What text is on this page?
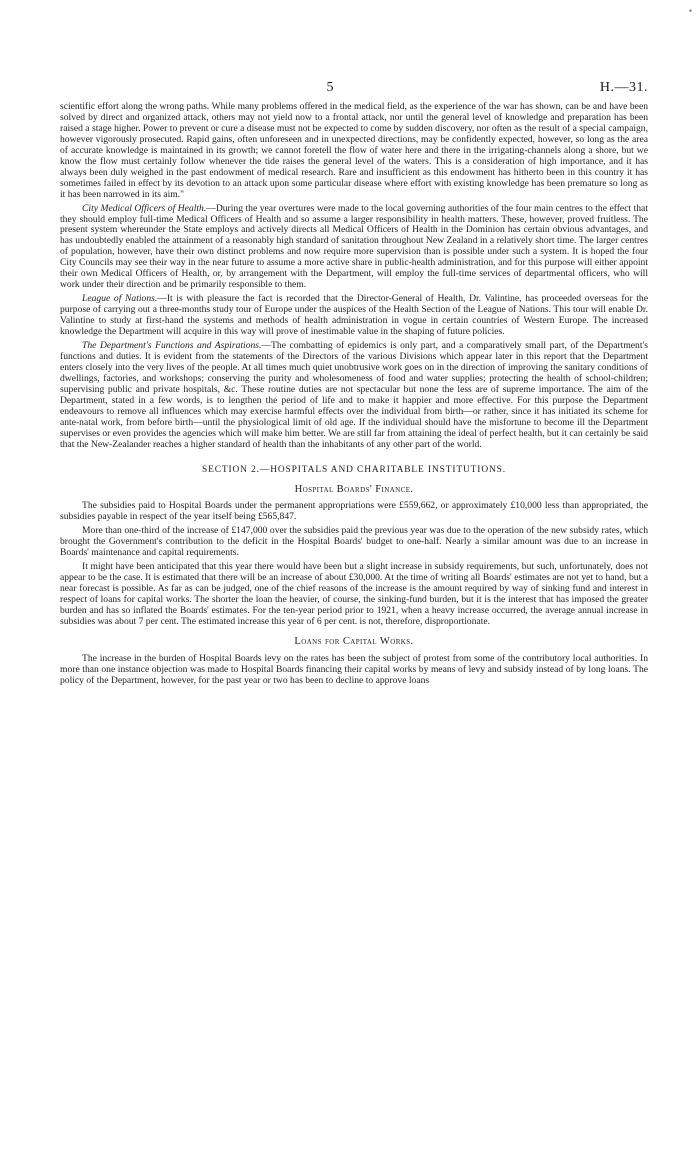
•
5	H.—31.

scientific effort along the wrong paths. While many problems offered in the medical field, as the experience of the war has shown, can be and have been solved by direct and organized attack, others may not yield now to a frontal attack, nor until the general level of knowledge and preparation has been raised a stage higher. Power to prevent or cure a disease must not be expected to come by sudden discovery, nor often as the result of a special campaign, however vigorously prosecuted. Rapid gains, often unforeseen and in unexpected directions, may be confidently expected, however, so long as the area of accurate knowledge is maintained in its growth; we cannot foretell the flow of water here and there in the irrigating-channels along a shore, but we know the flow must certainly follow whenever the tide raises the general level of the waters. This is a consideration of high importance, and it has always been duly weighed in the past endowment of medical research. Rare and insufficient as this endowment has hitherto been in this country it has sometimes failed in effect by its devotion to an attack upon some particular disease where effort with existing knowledge has been premature so long as it has been narrowed in its aim."

City Medical Officers of Health.—During the year overtures were made to the local governing authorities of the four main centres to the effect that they should employ full-time Medical Officers of Health and so assume a larger responsibility in health matters. These, however, proved fruitless. The present system whereunder the State employs and actively directs all Medical Officers of Health in the Dominion has certain obvious advantages, and has undoubtedly enabled the attainment of a reasonably high standard of sanitation throughout New Zealand in a relatively short time. The larger centres of population, however, have their own distinct problems and now require more supervision than is possible under such a system. It is hoped the four City Councils may see their way in the near future to assume a more active share in public-health administration, and for this purpose will either appoint their own Medical Officers of Health, or, by arrangement with the Department, will employ the full-time services of departmental officers, who will work under their direction and be primarily responsible to them.

League of Nations.—It is with pleasure the fact is recorded that the Director-General of Health, Dr. Valintine, has proceeded overseas for the purpose of carrying out a three-months study tour of Europe under the auspices of the Health Section of the League of Nations. This tour will enable Dr. Valintine to study at first-hand the systems and methods of health administration in vogue in certain countries of Western Europe. The increased knowledge the Department will acquire in this way will prove of inestimable value in the shaping of future policies.

The Department's Functions and Aspirations.—The combatting of epidemics is only part, and a comparatively small part, of the Department's functions and duties. It is evident from the statements of the Directors of the various Divisions which appear later in this report that the Department enters closely into the very lives of the people. At all times much quiet unobtrusive work goes on in the direction of improving the sanitary conditions of dwellings, factories, and workshops; conserving the purity and wholesomeness of food and water supplies; protecting the health of school-children; supervising public and private hospitals, &c. These routine duties are not spectacular but none the less are of supreme importance. The aim of the Department, stated in a few words, is to lengthen the period of life and to make it happier and more effective. For this purpose the Department endeavours to remove all influences which may exercise harmful effects over the individual from birth—or rather, since it has initiated its scheme for ante-natal work, from before birth—until the physiological limit of old age. If the individual should have the misfortune to become ill the Department supervises or even provides the agencies which will make him better. We are still far from attaining the ideal of perfect health, but it can certainly be said that the New-Zealander reaches a higher standard of health than the inhabitants of any other part of the world.

SECTION 2.—HOSPITALS AND CHARITABLE INSTITUTIONS.
Hospital Boards' Finance.

The subsidies paid to Hospital Boards under the permanent appropriations were £559,662, or approximately £10,000 less than appropriated, the subsidies payable in respect of the year itself being £565,847.

More than one-third of the increase of £147,000 over the subsidies paid the previous year was due to the operation of the new subsidy rates, which brought the Government's contribution to the deficit in the Hospital Boards' budget to one-half. Nearly a similar amount was due to an increase in Boards' maintenance and capital requirements.

It might have been anticipated that this year there would have been but a slight increase in subsidy requirements, but such, unfortunately, does not appear to be the case. It is estimated that there will be an increase of about £30,000. At the time of writing all Boards' estimates are not yet to hand, but a near forecast is possible. As far as can be judged, one of the chief reasons of the increase is the amount required by way of sinking fund and interest in respect of loans for capital works. The shorter the loan the heavier, of course, the sinking-fund burden, but it is the interest that has imposed the greater burden and has so inflated the Boards' estimates. For the ten-year period prior to 1921, when a heavy increase occurred, the average annual increase in subsidies was about 7 per cent. The estimated increase this year of 6 per cent. is not, therefore, disproportionate.

Loans for Capital Works.

The increase in the burden of Hospital Boards levy on the rates has been the subject of protest from some of the contributory local authorities. In more than one instance objection was made to Hospital Boards financing their capital works by means of levy and subsidy instead of by long loans. The policy of the Department, however, for the past year or two has been to decline to approve loans
